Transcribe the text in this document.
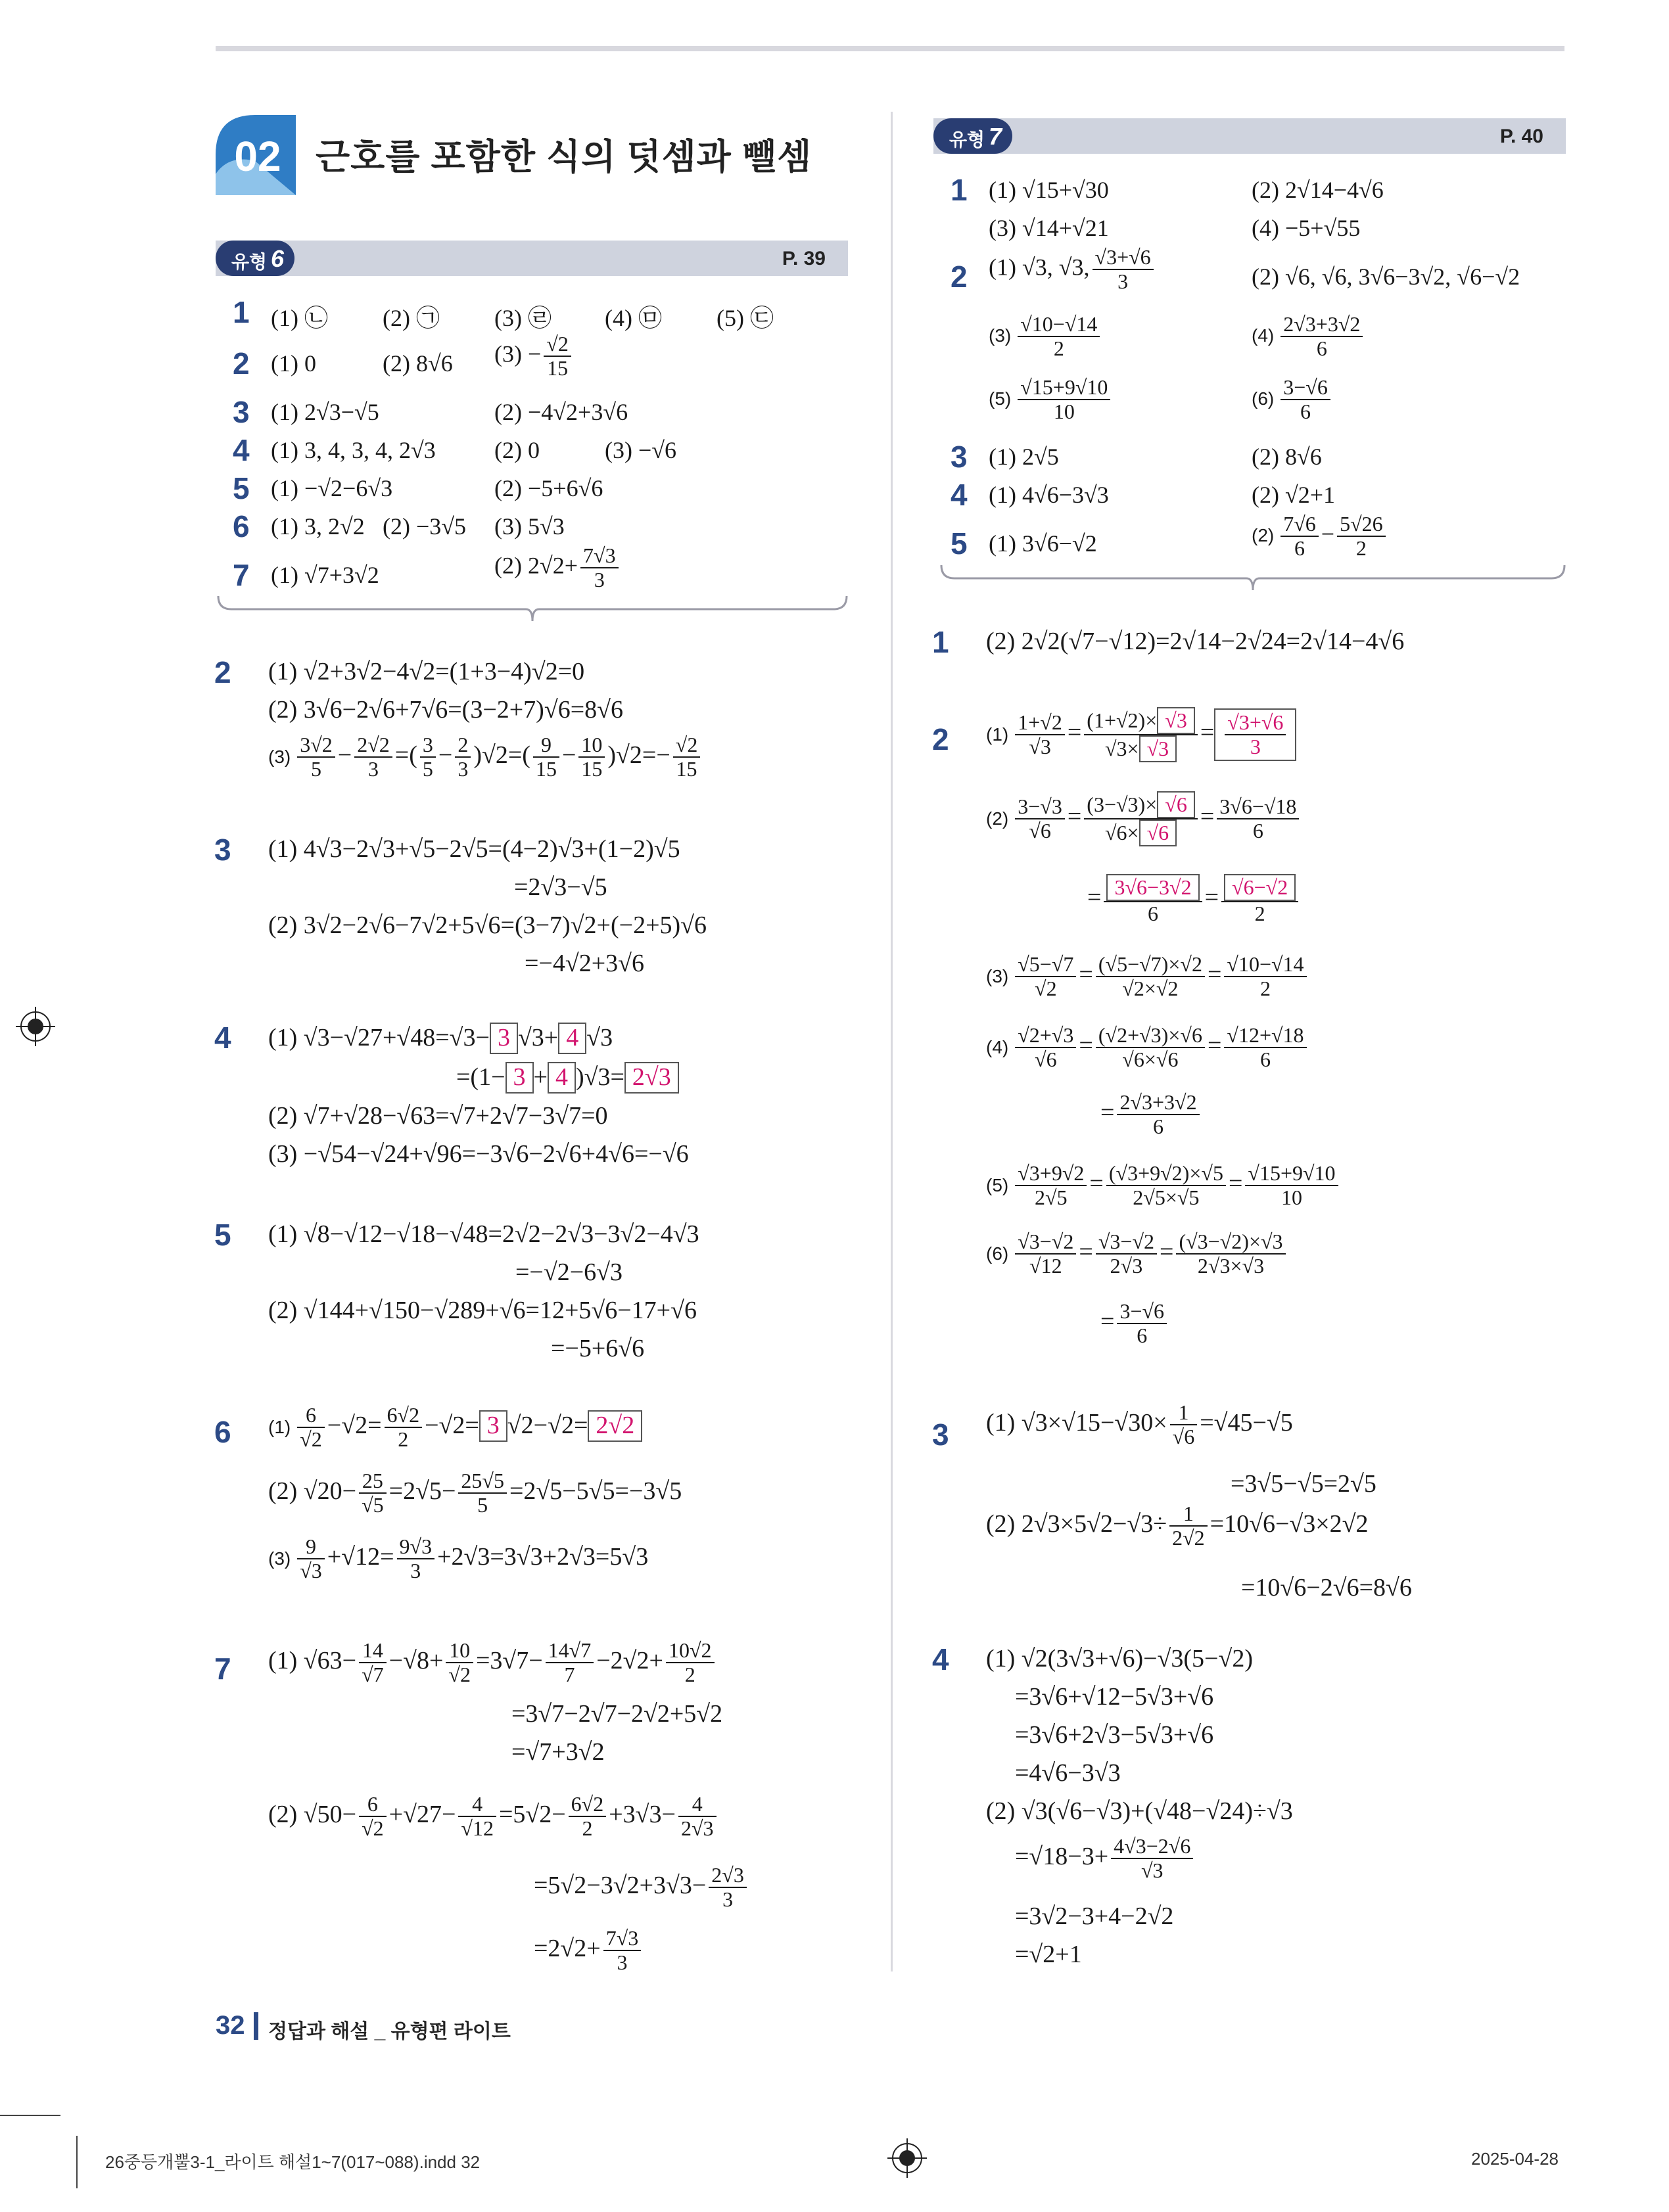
02 근호를 포함한 식의 덧셈과 뺄셈
유형 6	P. 39
1 (1) ㉡ (2) ㉠ (3) ㉣ (4) ㉤ (5) ㉢
2 (1) 0	(2) 8√6 $(3) - \frac{√2}{15}$
3 (1) 2√3−√5	(2) −4√2+3√6
4 (1) 3, 4, 3, 4, 2√3 (2) 0	(3) −√6
5 (1) −√2−6√3	(2) −5+6√6
6 (1) 3, 2√2 (2) −3√5 (3) 5√3
7 (1) √7+3√2	(2) $2√2+ \frac{7√3}{3}$
유형 7	P. 40
1 (1) √15+√30	(2) 2√14−4√6
(3) √14+√21	(4) −5+√55
2 (1) √3, √3, $\frac{√3+√6}{3}$	(2) √6, √6, 3√6−3√2, √6−√2
$(3) \frac{√10-√14}{2}$	$(4) \frac{2√3+3√2}{6}$
$(5) \frac{√15+9√10}{10}$	$(6) \frac{3-√6}{6}$
3 (1) 2√5	(2) 8√6
4 (1) 4√6−3√3	(2) √2+1
5 (1) 3√6−√2	$(2) \frac{7√6}{6} - \frac{5√26}{2}$
2 (1) √2+3√2−4√2=(1+3−4)√2=0
(2) 3√6−2√6+7√6=(3−2+7)√6=8√6
$(3) \frac{3√2}{5} - \frac{2√2}{3}$ =( $\frac{3}{5} - \frac{2}{3} )√2=( \frac{9}{15} - \frac{10}{15} )√2=- \frac{√2}{15}$
3 (1) 4√3−2√3+√5−2√5=(4−2)√3+(1−2)√5
=2√3−√5
(2) 3√2−2√6−7√2+5√6=(3−7)√2+(−2+5)√6
=−4√2+3√6
4 (1) √3−√27+√48=√3− 3 √3+ 4 √3
=(1− 3 + 4 )√3= 2√3
(2) √7+√28−√63=√7+2√7−3√7=0
(3) −√54−√24+√96=−3√6−2√6+4√6=−√6
5 (1) √8−√12−√18−√48=2√2−2√3−3√2−4√3
=−√2−6√3
(2) √144+√150−√289+√6=12+5√6−17+√6
=−5+6√6
6 $(1) \frac{6}{√2} -√2= \frac{6√2}{2} -√2= 3$ √2−√2= 2√2
(2) $√20- \frac{25}{√5} =2√5- \frac{25√5}{5} =2√5-5√5=-3√5$
$(3) \frac{9}{√3} +√12= \frac{9√3}{3} +2√3=3√3+2√3=5√3$
7 (1) $√63- \frac{14}{√7} -√8+ \frac{10}{√2} =3√7- \frac{14√7}{7} -2√2+ \frac{10√2}{2}$
=3√7−2√7−2√2+5√2
=√7+3√2
(2) $√50- \frac{6}{√2} +√27- \frac{4}{√12} =5√2- \frac{6√2}{2} +3√3- \frac{4}{2√3}$
$=5√2-3√2+3√3- \frac{2√3}{3}$
$=2√2+ \frac{7√3}{3}$
1 (2) 2√2(√7−√12)=2√14−2√24=2√14−4√6
2 $(1) \frac{1+√2}{√3} = \frac{(1+√2)\times √3}{√3\times √3} = \frac{√3+√6}{3}$
$(2) \frac{3-√3}{√6} = \frac{(3-√3)\times √6}{√6\times √6} = \frac{3√6-√18}{6}$
= $\frac{3√6-3√2}{6} = \frac{√6-√2}{2}$
$(3) \frac{√5-√7}{√2} = \frac{(√5-√7)\times√2}{√2\times√2} = \frac{√10-√14}{2}$
$(4) \frac{√2+√3}{√6} = \frac{(√2+√3)\times√6}{√6\times√6} = \frac{√12+√18}{6}$
= $\frac{2√3+3√2}{6}$
$(5) \frac{√3+9√2}{2√5} = \frac{(√3+9√2)\times√5}{2√5\times√5} = \frac{√15+9√10}{10}$
$(6) \frac{√3-√2}{√12} = \frac{√3-√2}{2√3} = \frac{(√3-√2)\times√3}{2√3\times√3}$
= $\frac{3-√6}{6}$
3 (1) $√3\times√15-√30\times \frac{1}{√6} =√45-√5$
=3√5−√5=2√5
(2) $2√3\times 5√2-√3\div \frac{1}{2√2} =10√6-√3\times 2√2$
=10√6−2√6=8√6
4 (1) √2(3√3+√6)−√3(5−√2)
=3√6+√12−5√3+√6
=3√6+2√3−5√3+√6
=4√6−3√3
(2) √3(√6−√3)+(√48−√24)÷√3
$=√18-3+ \frac{4√3-2√6}{√3}$
=3√2−3+4−2√2
=√2+1
32 정답과 해설 _ 유형편 라이트
26중등개뿔3-1_라이트 해설1~7(017~088).indd 32	2025-04-28
